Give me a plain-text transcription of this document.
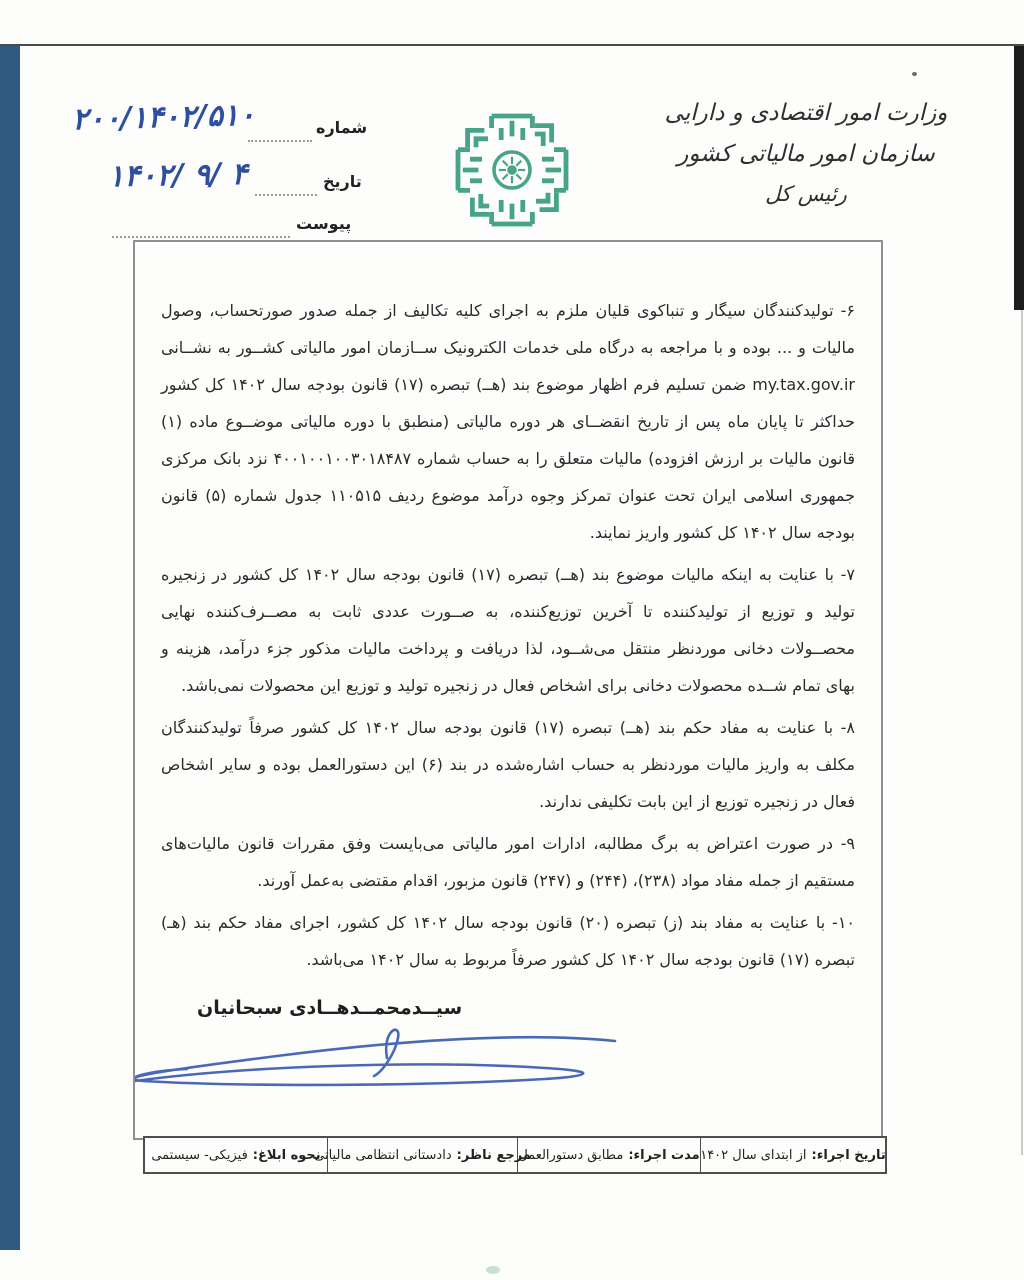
وزارت امور اقتصادی و دارایی
سازمان امور مالیاتی کشور
رئیس کل
شماره
تاریخ
پیوست
۲۰۰/۱۴۰۲/۵۱۰
۱۴۰۲/ ۹/ ۴

۶- تولیدکنندگان سیگار و تنباکوی قلیان ملزم به اجرای کلیه تکالیف از جمله صدور صورتحساب، وصول مالیات و ... بوده و با مراجعه به درگاه ملی خدمات الکترونیک ســازمان امور مالیاتی کشــور به نشــانی my.tax.gov.ir ضمن تسلیم فرم اظهار موضوع بند (هــ) تبصره (۱۷) قانون بودجه سال ۱۴۰۲ کل کشور حداکثر تا پایان ماه پس از تاریخ انقضــای هر دوره مالیاتی (منطبق با دوره مالیاتی موضــوع ماده (۱) قانون مالیات بر ارزش افزوده) مالیات متعلق را به حساب شماره ۴۰۰۱۰۰۱۰۰۳۰۱۸۴۸۷ نزد بانک مرکزی جمهوری اسلامی ایران تحت عنوان تمرکز وجوه درآمد موضوع ردیف ۱۱۰۵۱۵ جدول شماره (۵) قانون بودجه سال ۱۴۰۲ کل کشور واریز نمایند.

۷- با عنایت به اینکه مالیات موضوع بند (هــ) تبصره (۱۷) قانون بودجه سال ۱۴۰۲ کل کشور در زنجیره تولید و توزیع از تولیدکننده تا آخرین توزیع‌کننده، به صــورت عددی ثابت به مصــرف‌کننده نهایی محصــولات دخانی موردنظر منتقل می‌شــود، لذا دریافت و پرداخت مالیات مذکور جزء درآمد، هزینه و بهای تمام شــده محصولات دخانی برای اشخاص فعال در زنجیره تولید و توزیع این محصولات نمی‌باشد.

۸- با عنایت به مفاد حکم بند (هــ) تبصره (۱۷) قانون بودجه سال ۱۴۰۲ کل کشور صرفاً تولیدکنندگان مکلف به واریز مالیات موردنظر به حساب اشاره‌شده در بند (۶) این دستورالعمل بوده و سایر اشخاص فعال در زنجیره توزیع از این بابت تکلیفی ندارند.

۹- در صورت اعتراض به برگ مطالبه، ادارات امور مالیاتی می‌بایست وفق مقررات قانون مالیات‌های مستقیم از جمله مفاد مواد (۲۳۸)، (۲۴۴) و (۲۴۷) قانون مزبور، اقدام مقتضی به‌عمل آورند.

۱۰- با عنایت به مفاد بند (ز) تبصره (۲۰) قانون بودجه سال ۱۴۰۲ کل کشور، اجرای مفاد حکم بند (هـ) تبصره (۱۷) قانون بودجه سال ۱۴۰۲ کل کشور صرفاً مربوط به سال ۱۴۰۲ می‌باشد.

سیــدمحمــدهــادی سبحانیان
تاریخ اجراء:
از ابتدای سال ۱۴۰۲
مدت اجراء:
مطابق دستورالعمل
مرجع ناظر:
دادستانی انتظامی مالیاتی
نحوه ابلاغ:
فیزیکی- سیستمی
